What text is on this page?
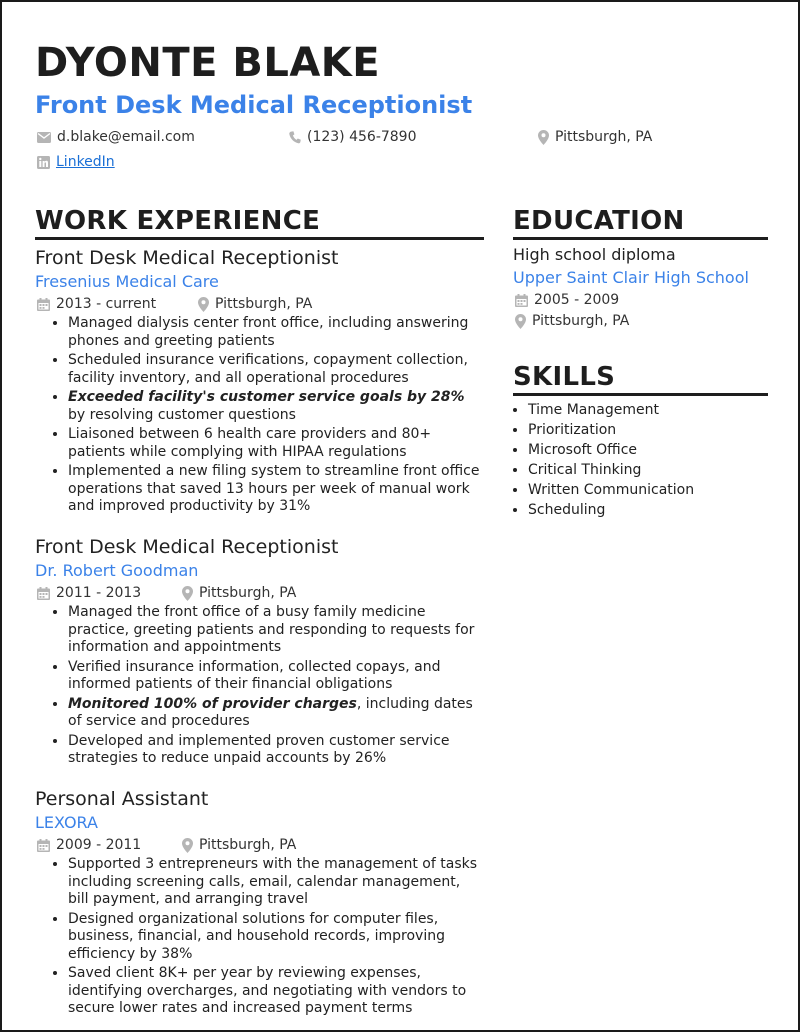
DYONTE BLAKE
Front Desk Medical Receptionist
d.blake@email.com	(123) 456-7890	Pittsburgh, PA
LinkedIn
WORK EXPERIENCE
Front Desk Medical Receptionist
Fresenius Medical Care
2013 - current	Pittsburgh, PA
• Managed dialysis center front office, including answering phones and greeting patients
• Scheduled insurance verifications, copayment collection, facility inventory, and all operational procedures
• Exceeded facility's customer service goals by 28% by resolving customer questions
• Liaisoned between 6 health care providers and 80+ patients while complying with HIPAA regulations
• Implemented a new filing system to streamline front office operations that saved 13 hours per week of manual work and improved productivity by 31%
Front Desk Medical Receptionist
Dr. Robert Goodman
2011 - 2013	Pittsburgh, PA
• Managed the front office of a busy family medicine practice, greeting patients and responding to requests for information and appointments
• Verified insurance information, collected copays, and informed patients of their financial obligations
• Monitored 100% of provider charges, including dates of service and procedures
• Developed and implemented proven customer service strategies to reduce unpaid accounts by 26%
Personal Assistant
LEXORA
2009 - 2011	Pittsburgh, PA
• Supported 3 entrepreneurs with the management of tasks including screening calls, email, calendar management, bill payment, and arranging travel
• Designed organizational solutions for computer files, business, financial, and household records, improving efficiency by 38%
• Saved client 8K+ per year by reviewing expenses, identifying overcharges, and negotiating with vendors to secure lower rates and increased payment terms
EDUCATION
High school diploma
Upper Saint Clair High School
2005 - 2009
Pittsburgh, PA
SKILLS
• Time Management
• Prioritization
• Microsoft Office
• Critical Thinking
• Written Communication
• Scheduling
